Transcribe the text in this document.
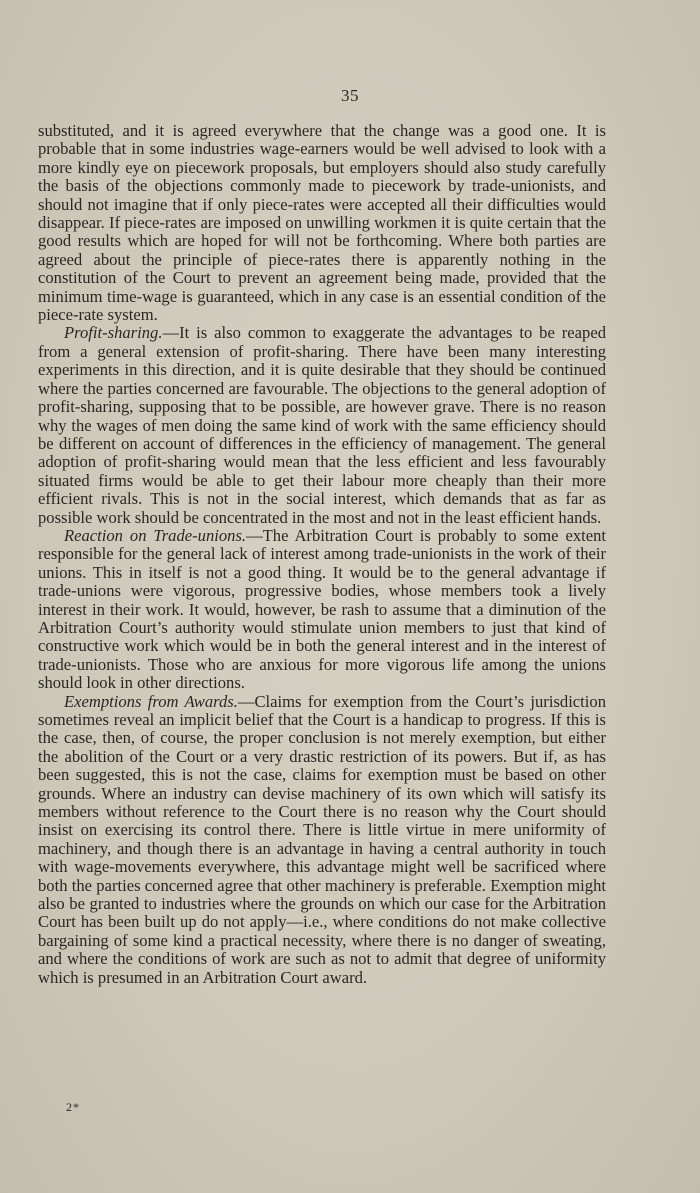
35

substituted, and it is agreed everywhere that the change was a good one. It is probable that in some industries wage-earners would be well advised to look with a more kindly eye on piecework proposals, but employers should also study carefully the basis of the objections commonly made to piecework by trade-unionists, and should not imagine that if only piece-rates were accepted all their difficulties would disappear. If piece-rates are imposed on unwilling workmen it is quite certain that the good results which are hoped for will not be forthcoming. Where both parties are agreed about the principle of piece-rates there is apparently nothing in the constitution of the Court to prevent an agreement being made, provided that the minimum time-wage is guaranteed, which in any case is an essential condition of the piece-rate system.

Profit-sharing.—It is also common to exaggerate the advantages to be reaped from a general extension of profit-sharing. There have been many interesting experiments in this direction, and it is quite desirable that they should be continued where the parties concerned are favourable. The objections to the general adoption of profit-sharing, supposing that to be possible, are however grave. There is no reason why the wages of men doing the same kind of work with the same efficiency should be different on account of differences in the efficiency of management. The general adoption of profit-sharing would mean that the less efficient and less favourably situated firms would be able to get their labour more cheaply than their more efficient rivals. This is not in the social interest, which demands that as far as possible work should be concentrated in the most and not in the least efficient hands.

Reaction on Trade-unions.—The Arbitration Court is probably to some extent responsible for the general lack of interest among trade-unionists in the work of their unions. This in itself is not a good thing. It would be to the general advantage if trade-unions were vigorous, progressive bodies, whose members took a lively interest in their work. It would, however, be rash to assume that a diminution of the Arbitration Court’s authority would stimulate union members to just that kind of constructive work which would be in both the general interest and in the interest of trade-unionists. Those who are anxious for more vigorous life among the unions should look in other directions.

Exemptions from Awards.—Claims for exemption from the Court’s jurisdiction sometimes reveal an implicit belief that the Court is a handicap to progress. If this is the case, then, of course, the proper conclusion is not merely exemption, but either the abolition of the Court or a very drastic restriction of its powers. But if, as has been suggested, this is not the case, claims for exemption must be based on other grounds. Where an industry can devise machinery of its own which will satisfy its members without reference to the Court there is no reason why the Court should insist on exercising its control there. There is little virtue in mere uniformity of machinery, and though there is an advantage in having a central authority in touch with wage-movements everywhere, this advantage might well be sacrificed where both the parties concerned agree that other machinery is preferable. Exemption might also be granted to industries where the grounds on which our case for the Arbitration Court has been built up do not apply—i.e., where conditions do not make collective bargaining of some kind a practical necessity, where there is no danger of sweating, and where the conditions of work are such as not to admit that degree of uniformity which is presumed in an Arbitration Court award.

2*
